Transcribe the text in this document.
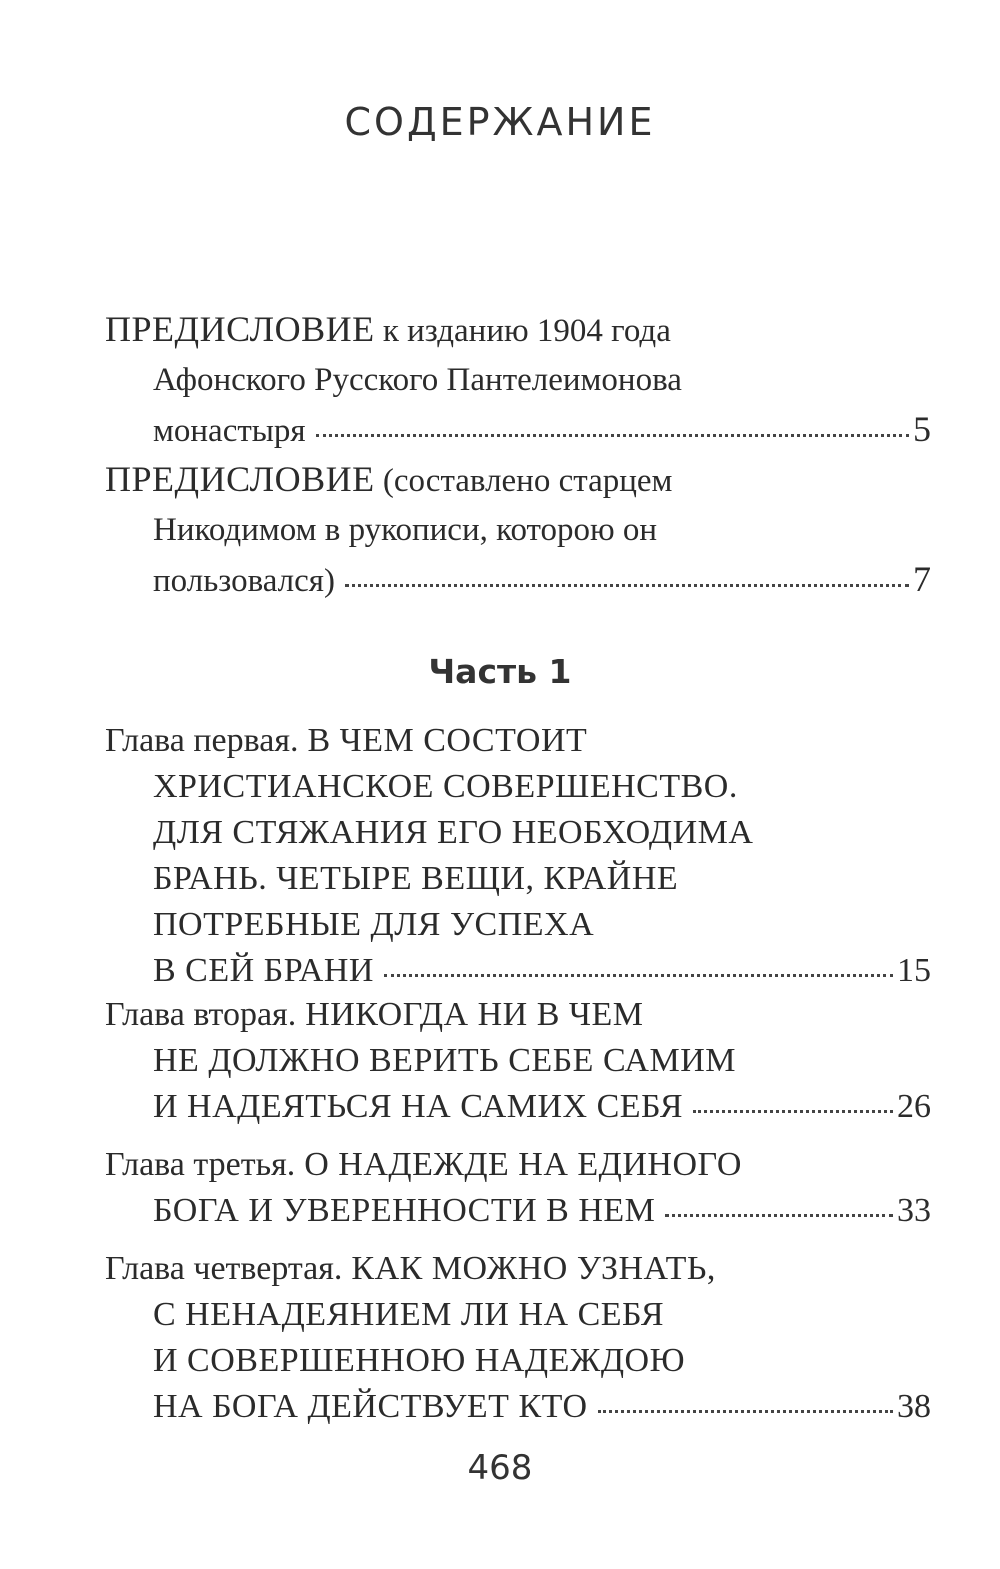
СОДЕРЖАНИЕ
ПРЕДИСЛОВИЕ к изданию 1904 года
Афонского Русского Пантелеимонова
монастыря	5
ПРЕДИСЛОВИЕ (составлено старцем
Никодимом в рукописи, которою он
пользовался)	7
Часть 1
Глава первая. В ЧЕМ СОСТОИТ
ХРИСТИАНСКОЕ СОВЕРШЕНСТВО.
ДЛЯ СТЯЖАНИЯ ЕГО НЕОБХОДИМА
БРАНЬ. ЧЕТЫРЕ ВЕЩИ, КРАЙНЕ
ПОТРЕБНЫЕ ДЛЯ УСПЕХА
В СЕЙ БРАНИ	15
Глава вторая. НИКОГДА НИ В ЧЕМ
НЕ ДОЛЖНО ВЕРИТЬ СЕБЕ САМИМ
И НАДЕЯТЬСЯ НА САМИХ СЕБЯ	26
Глава третья. О НАДЕЖДЕ НА ЕДИНОГО
БОГА И УВЕРЕННОСТИ В НЕМ	33
Глава четвертая. КАК МОЖНО УЗНАТЬ,
С НЕНАДЕЯНИЕМ ЛИ НА СЕБЯ
И СОВЕРШЕННОЮ НАДЕЖДОЮ
НА БОГА ДЕЙСТВУЕТ КТО	38
468
